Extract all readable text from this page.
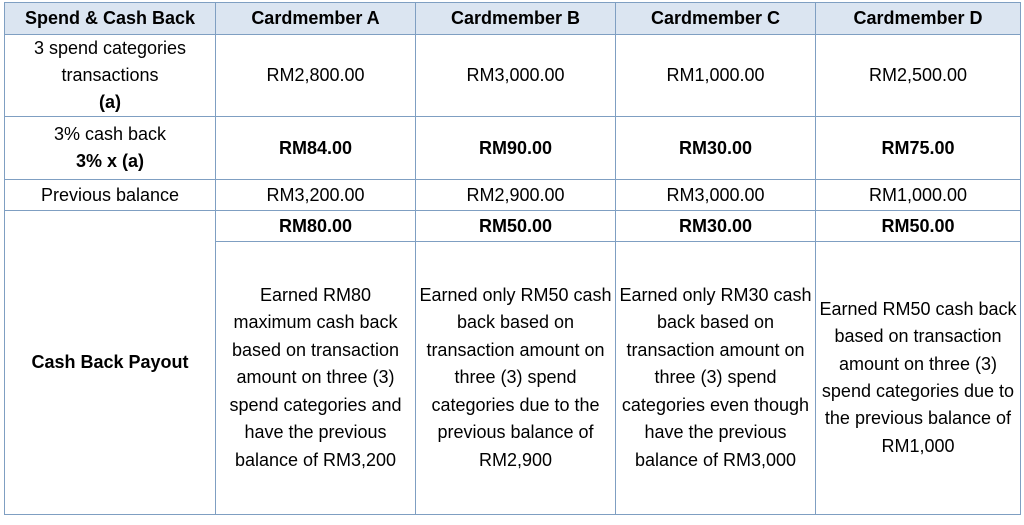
Spend & Cash Back	Cardmember A	Cardmember B	Cardmember C	Cardmember D

3 spend categories
transactions
(a)	RM2,800.00	RM3,000.00	RM1,000.00	RM2,500.00

3% cash back
3% x (a)	RM84.00	RM90.00	RM30.00	RM75.00
Previous balance	RM3,200.00	RM2,900.00	RM3,000.00	RM1,000.00
Cash Back Payout	RM80.00	RM50.00	RM30.00	RM50.00
	Earned RM80 maximum cash back based on transaction amount on three (3) spend categories and have the previous balance of RM3,200	Earned only RM50 cash back based on transaction amount on three (3) spend categories due to the previous balance of RM2,900	Earned only RM30 cash back based on transaction amount on three (3) spend categories even though have the previous balance of RM3,000	Earned RM50 cash back based on transaction amount on three (3) spend categories due to the previous balance of RM1,000
